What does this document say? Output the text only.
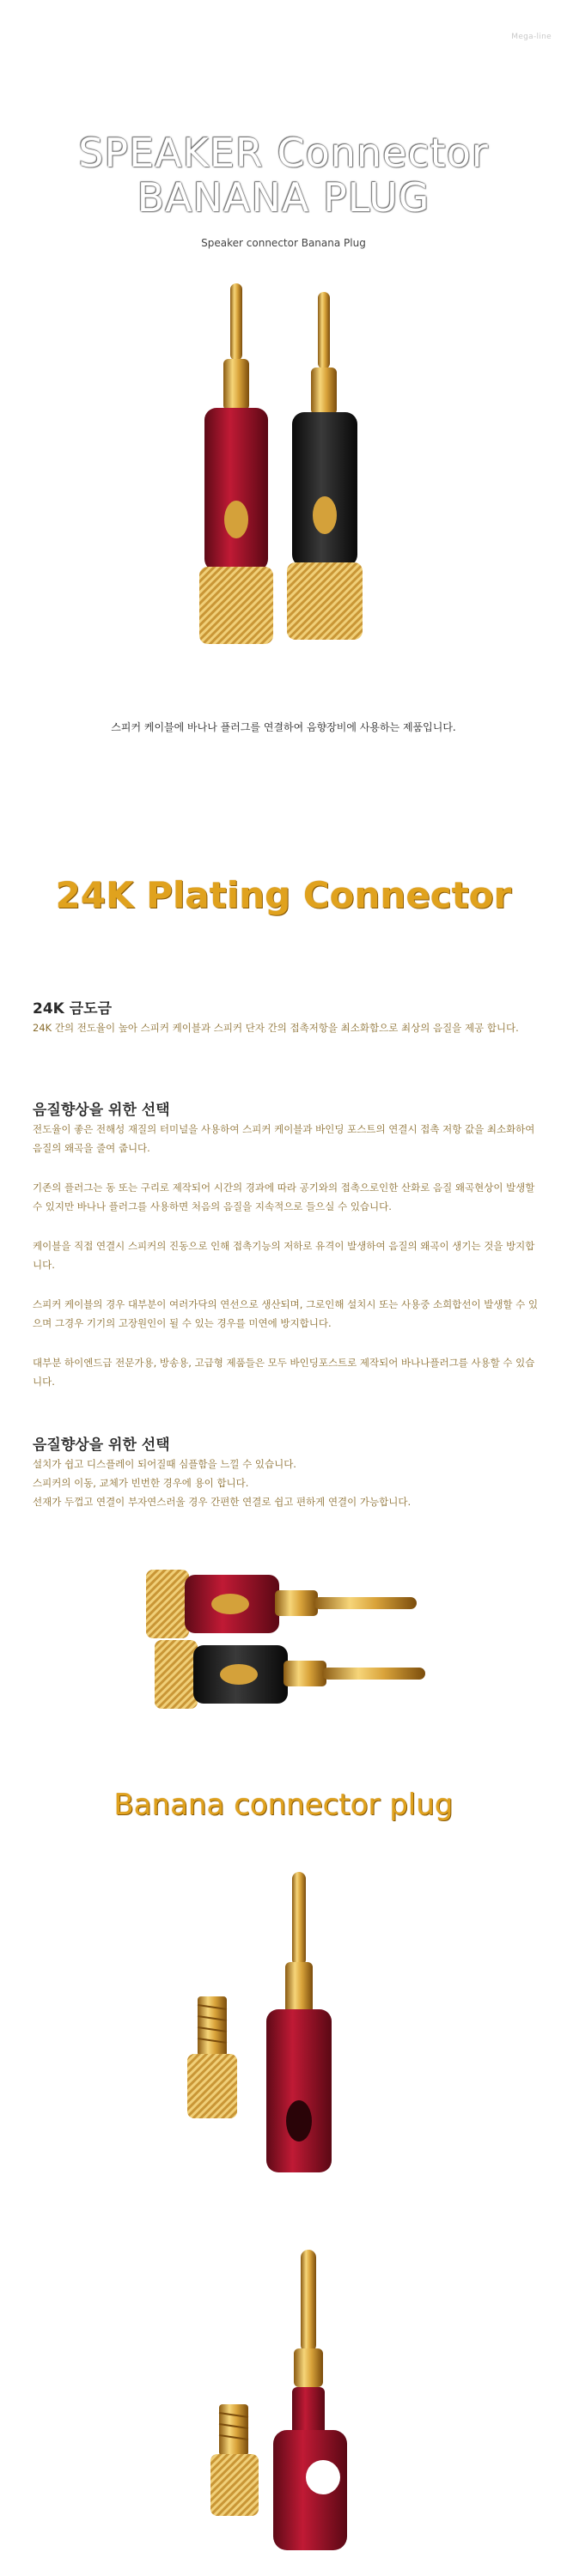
Mega-line
SPEAKER Connector
BANANA PLUG
Speaker connector Banana Plug
스피커 케이블에 바나나 플러그를 연결하여 음향장비에 사용하는 제품입니다.
24K Plating Connector
24K 금도금
24K 간의 전도율이 높아 스피커 케이블과 스피커 단자 간의 접촉저항을 최소화함으로 최상의 음질을 제공 합니다.
음질향상을 위한 선택
전도율이 좋은 전해성 재질의 터미널을 사용하여 스피커 케이블과 바인딩 포스트의 연결시 접촉 저항 값을 최소화하여 음질의 왜곡을 줄여 줍니다.
기존의 플러그는 동 또는 구리로 제작되어 시간의 경과에 따라 공기와의 접촉으로인한 산화로 음질 왜곡현상이 발생할 수 있지만 바나나 플러그를 사용하면 처음의 음질을 지속적으로 들으실 수 있습니다.
케이블을 직접 연결시 스피커의 진동으로 인해 접촉기능의 저하로 유격이 발생하여 음질의 왜곡이 생기는 것을 방지합니다.
스피커 케이블의 경우 대부분이 여러가닥의 연선으로 생산되며, 그로인해 설치시 또는 사용중 소희합선이 발생할 수 있으며 그경우 기기의 고장원인이 될 수 있는 경우를 미연에 방지합니다.
대부분 하이엔드급 전문가용, 방송용, 고급형 제품들은 모두 바인딩포스트로 제작되어 바나나플러그를 사용할 수 있습니다.
음질향상을 위한 선택
설치가 쉽고 디스플레이 되어질때 심플함을 느낄 수 있습니다.
스피커의 이동, 교체가 빈번한 경우에 용이 합니다.
선재가 두껍고 연결이 부자연스러울 경우 간편한 연결로 쉽고 편하게 연결이 가능합니다.
Banana connector plug
